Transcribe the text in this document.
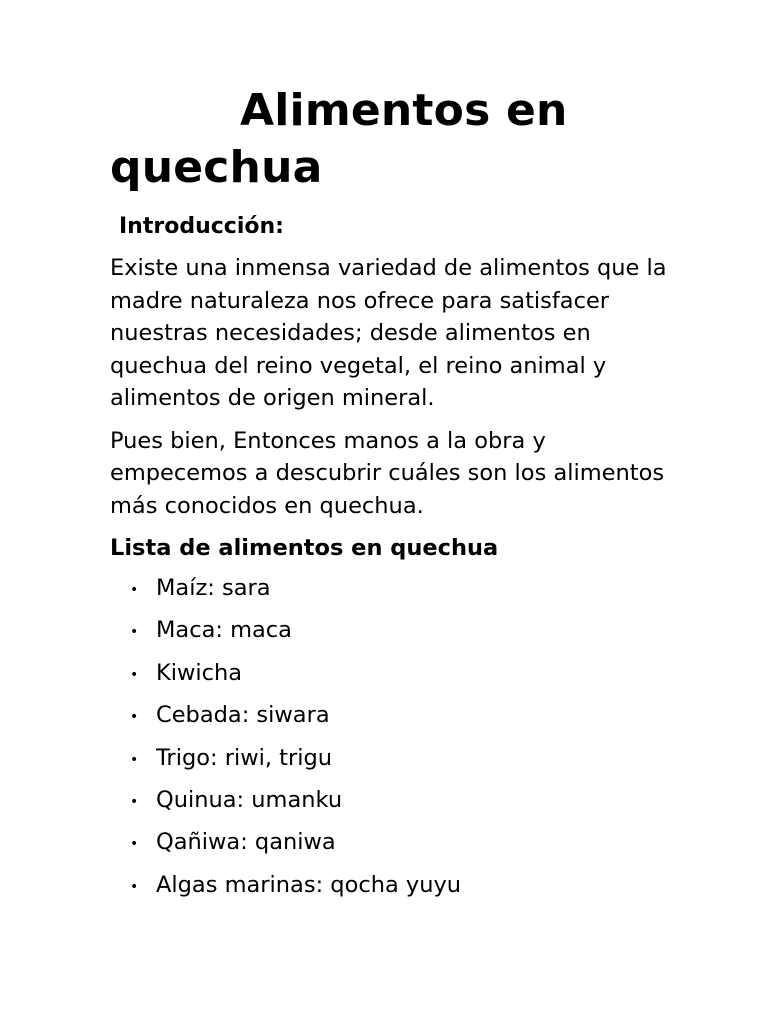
Alimentos en quechua
Introducción:

Existe una inmensa variedad de alimentos que la madre naturaleza nos ofrece para satisfacer nuestras necesidades; desde alimentos en quechua del reino vegetal, el reino animal y alimentos de origen mineral.

Pues bien, Entonces manos a la obra y empecemos a descubrir cuáles son los alimentos más conocidos en quechua.

Lista de alimentos en quechua
• Maíz: sara
• Maca: maca
• Kiwicha
• Cebada: siwara
• Trigo: riwi, trigu
• Quinua: umanku
• Qañiwa: qaniwa
• Algas marinas: qocha yuyu
